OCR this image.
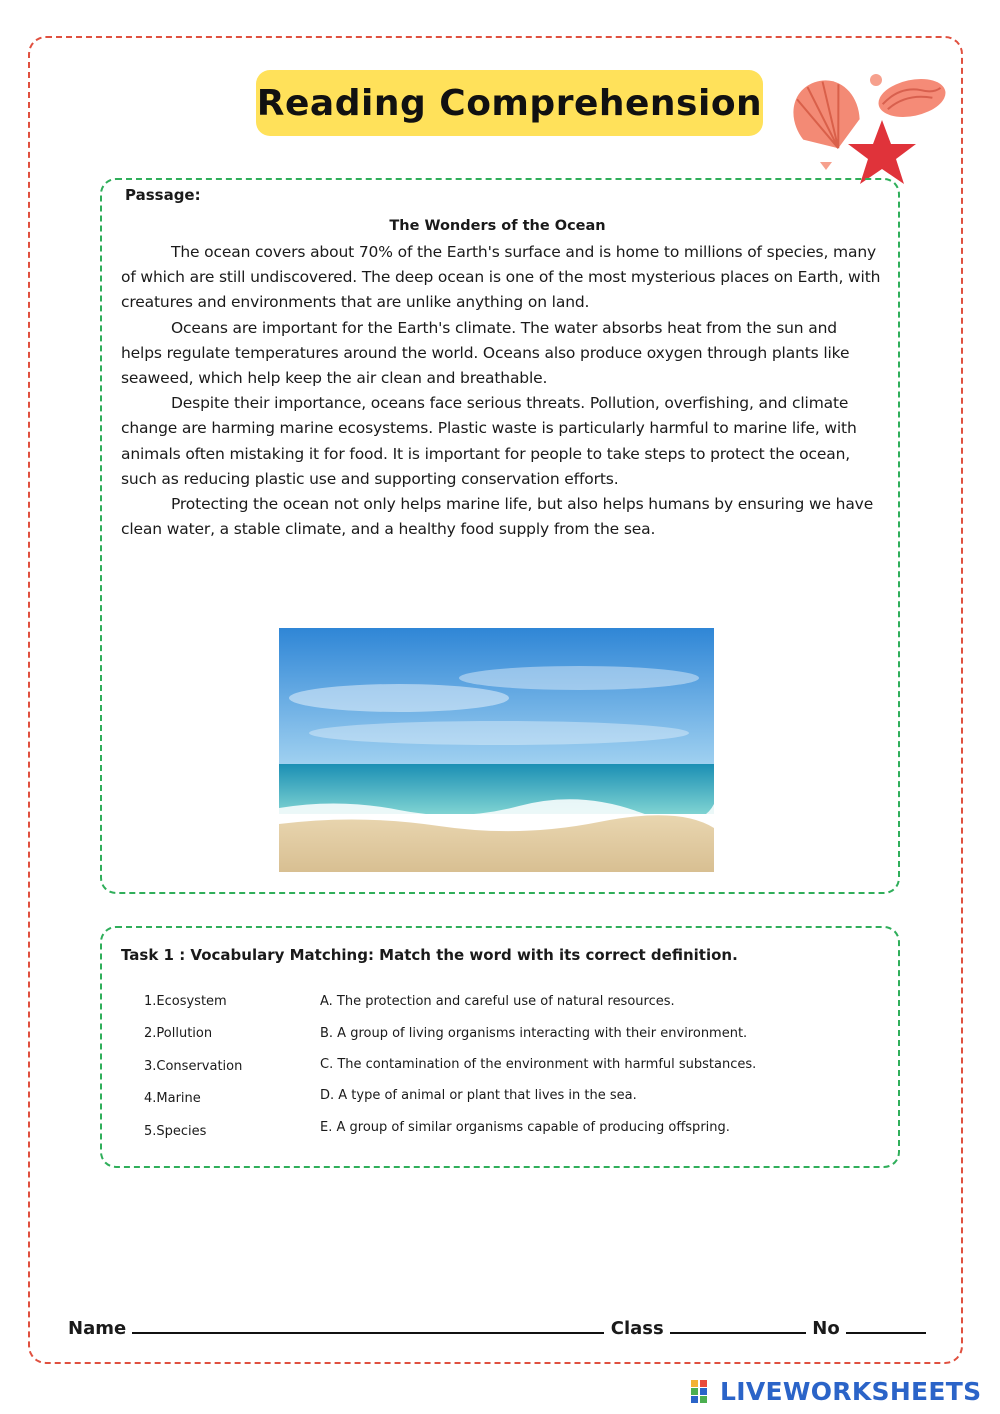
Reading Comprehension
Passage:
The Wonders of the Ocean

The ocean covers about 70% of the Earth's surface and is home to millions of species, many of which are still undiscovered. The deep ocean is one of the most mysterious places on Earth, with creatures and environments that are unlike anything on land.

Oceans are important for the Earth's climate. The water absorbs heat from the sun and helps regulate temperatures around the world. Oceans also produce oxygen through plants like seaweed, which help keep the air clean and breathable.

Despite their importance, oceans face serious threats. Pollution, overfishing, and climate change are harming marine ecosystems. Plastic waste is particularly harmful to marine life, with animals often mistaking it for food. It is important for people to take steps to protect the ocean, such as reducing plastic use and supporting conservation efforts.

Protecting the ocean not only helps marine life, but also helps humans by ensuring we have clean water, a stable climate, and a healthy food supply from the sea.

Task 1 : Vocabulary Matching: Match the word with its correct definition.
1.Ecosystem
2.Pollution
3.Conservation
4.Marine
5.Species
A. The protection and careful use of natural resources.
B. A group of living organisms interacting with their environment.
C. The contamination of the environment with harmful substances.
D. A type of animal or plant that lives in the sea.
E. A group of similar organisms capable of producing offspring.
Name	Class	No
LIVEWORKSHEETS
